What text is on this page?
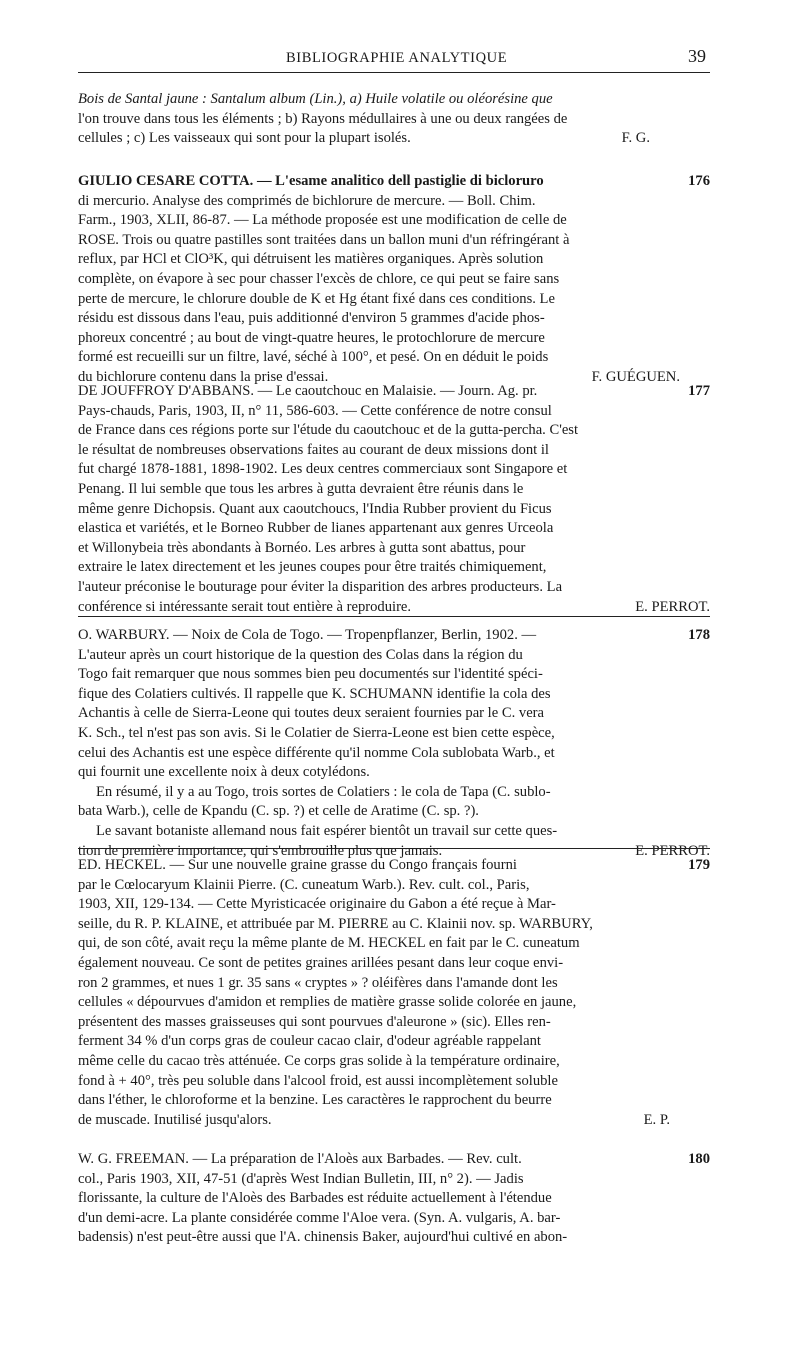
BIBLIOGRAPHIE ANALYTIQUE	39

Bois de Santal jaune : Santalum album (Lin.), a) Huile volatile ou oléorésine que

l'on trouve dans tous les éléments ; b) Rayons médullaires à une ou deux rangées de

cellules ; c) Les vaisseaux qui sont pour la plupart isolés.	F. G.

GIULIO CESARE COTTA. — L'esame analitico dell pastiglie di bicloruro	176

di mercurio. Analyse des comprimés de bichlorure de mercure. — Boll. Chim.

Farm., 1903, XLII, 86-87. — La méthode proposée est une modification de celle de

ROSE. Trois ou quatre pastilles sont traitées dans un ballon muni d'un réfringérant à

reflux, par HCl et ClO³K, qui détruisent les matières organiques. Après solution

complète, on évapore à sec pour chasser l'excès de chlore, ce qui peut se faire sans

perte de mercure, le chlorure double de K et Hg étant fixé dans ces conditions. Le

résidu est dissous dans l'eau, puis additionné d'environ 5 grammes d'acide phos-

phoreux concentré ; au bout de vingt-quatre heures, le protochlorure de mercure

formé est recueilli sur un filtre, lavé, séché à 100°, et pesé. On en déduit le poids

du bichlorure contenu dans la prise d'essai.	F. GUÉGUEN.

DE JOUFFROY D'ABBANS. — Le caoutchouc en Malaisie. — Journ. Ag. pr.	177

Pays-chauds, Paris, 1903, II, n° 11, 586-603. — Cette conférence de notre consul

de France dans ces régions porte sur l'étude du caoutchouc et de la gutta-percha. C'est

le résultat de nombreuses observations faites au courant de deux missions dont il

fut chargé 1878-1881, 1898-1902. Les deux centres commerciaux sont Singapore et

Penang. Il lui semble que tous les arbres à gutta devraient être réunis dans le

même genre Dichopsis. Quant aux caoutchoucs, l'India Rubber provient du Ficus

elastica et variétés, et le Borneo Rubber de lianes appartenant aux genres Urceola

et Willonybeia très abondants à Bornéo. Les arbres à gutta sont abattus, pour

extraire le latex directement et les jeunes coupes pour être traités chimiquement,

l'auteur préconise le bouturage pour éviter la disparition des arbres producteurs. La

conférence si intéressante serait tout entière à reproduire.	E. PERROT.

O. WARBURY. — Noix de Cola de Togo. — Tropenpflanzer, Berlin, 1902. —	178

L'auteur après un court historique de la question des Colas dans la région du

Togo fait remarquer que nous sommes bien peu documentés sur l'identité spéci-

fique des Colatiers cultivés. Il rappelle que K. SCHUMANN identifie la cola des

Achantis à celle de Sierra-Leone qui toutes deux seraient fournies par le C. vera

K. Sch., tel n'est pas son avis. Si le Colatier de Sierra-Leone est bien cette espèce,

celui des Achantis est une espèce différente qu'il nomme Cola sublobata Warb., et

qui fournit une excellente noix à deux cotylédons.

En résumé, il y a au Togo, trois sortes de Colatiers : le cola de Tapa (C. sublo-

bata Warb.), celle de Kpandu (C. sp. ?) et celle de Aratime (C. sp. ?).

Le savant botaniste allemand nous fait espérer bientôt un travail sur cette ques-

tion de première importance, qui s'embrouille plus que jamais.	E. PERROT.

ED. HECKEL. — Sur une nouvelle graine grasse du Congo français fourni	179

par le Cœlocaryum Klainii Pierre. (C. cuneatum Warb.). Rev. cult. col., Paris,

1903, XII, 129-134. — Cette Myristicacée originaire du Gabon a été reçue à Mar-

seille, du R. P. KLAINE, et attribuée par M. PIERRE au C. Klainii nov. sp. WARBURY,

qui, de son côté, avait reçu la même plante de M. HECKEL en fait par le C. cuneatum

également nouveau. Ce sont de petites graines arillées pesant dans leur coque envi-

ron 2 grammes, et nues 1 gr. 35 sans « cryptes » ? oléifères dans l'amande dont les

cellules « dépourvues d'amidon et remplies de matière grasse solide colorée en jaune,

présentent des masses graisseuses qui sont pourvues d'aleurone » (sic). Elles ren-

ferment 34 % d'un corps gras de couleur cacao clair, d'odeur agréable rappelant

même celle du cacao très atténuée. Ce corps gras solide à la température ordinaire,

fond à + 40°, très peu soluble dans l'alcool froid, est aussi incomplètement soluble

dans l'éther, le chloroforme et la benzine. Les caractères le rapprochent du beurre

de muscade. Inutilisé jusqu'alors.	E. P.

W. G. FREEMAN. — La préparation de l'Aloès aux Barbades. — Rev. cult.	180

col., Paris 1903, XII, 47-51 (d'après West Indian Bulletin, III, n° 2). — Jadis

florissante, la culture de l'Aloès des Barbades est réduite actuellement à l'étendue

d'un demi-acre. La plante considérée comme l'Aloe vera. (Syn. A. vulgaris, A. bar-

badensis) n'est peut-être aussi que l'A. chinensis Baker, aujourd'hui cultivé en abon-
